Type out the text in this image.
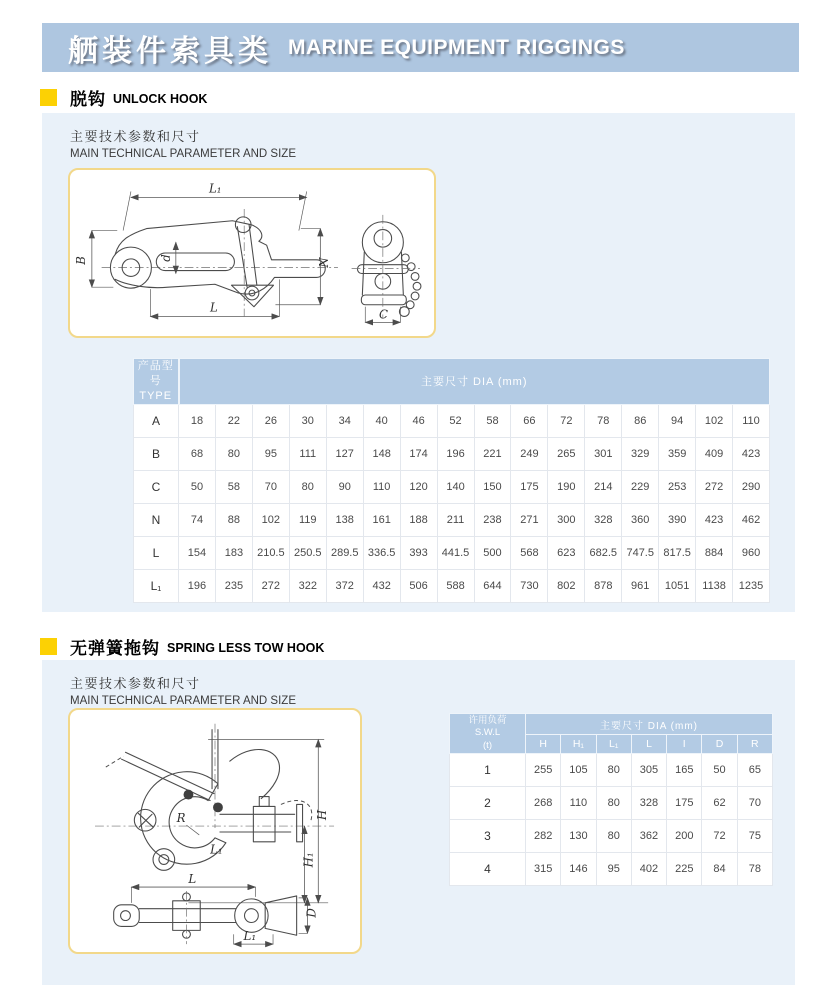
舾装件索具类 MARINE EQUIPMENT RIGGINGS
脱钩 UNLOCK HOOK
主要技术参数和尺寸
MAIN TECHNICAL PARAMETER AND SIZE
L₁
B	d	N
L	C
产品型号
TYPE	主要尺寸 DIA (mm)															
A	18	22	26	30	34	40	46	52	58	66	72	78	86	94	102	110
B	68	80	95	111	127	148	174	196	221	249	265	301	329	359	409	423
C	50	58	70	80	90	110	120	140	150	175	190	214	229	253	272	290
N	74	88	102	119	138	161	188	211	238	271	300	328	360	390	423	462
L	154	183	210.5	250.5	289.5	336.5	393	441.5	500	568	623	682.5	747.5	817.5	884	960
L₁	196	235	272	322	372	432	506	588	644	730	802	878	961	1051	1138	1235
无弹簧拖钩 SPRING LESS TOW HOOK
主要技术参数和尺寸
MAIN TECHNICAL PARAMETER AND SIZE
H
H₁
R
L₁
L
D
L₁
许用负荷
S.W.L
(t)	主要尺寸 DIA (mm)						
	H	H₁	L₁	L	I	D	R
1	255	105	80	305	165	50	65
2	268	110	80	328	175	62	70
3	282	130	80	362	200	72	75
4	315	146	95	402	225	84	78
